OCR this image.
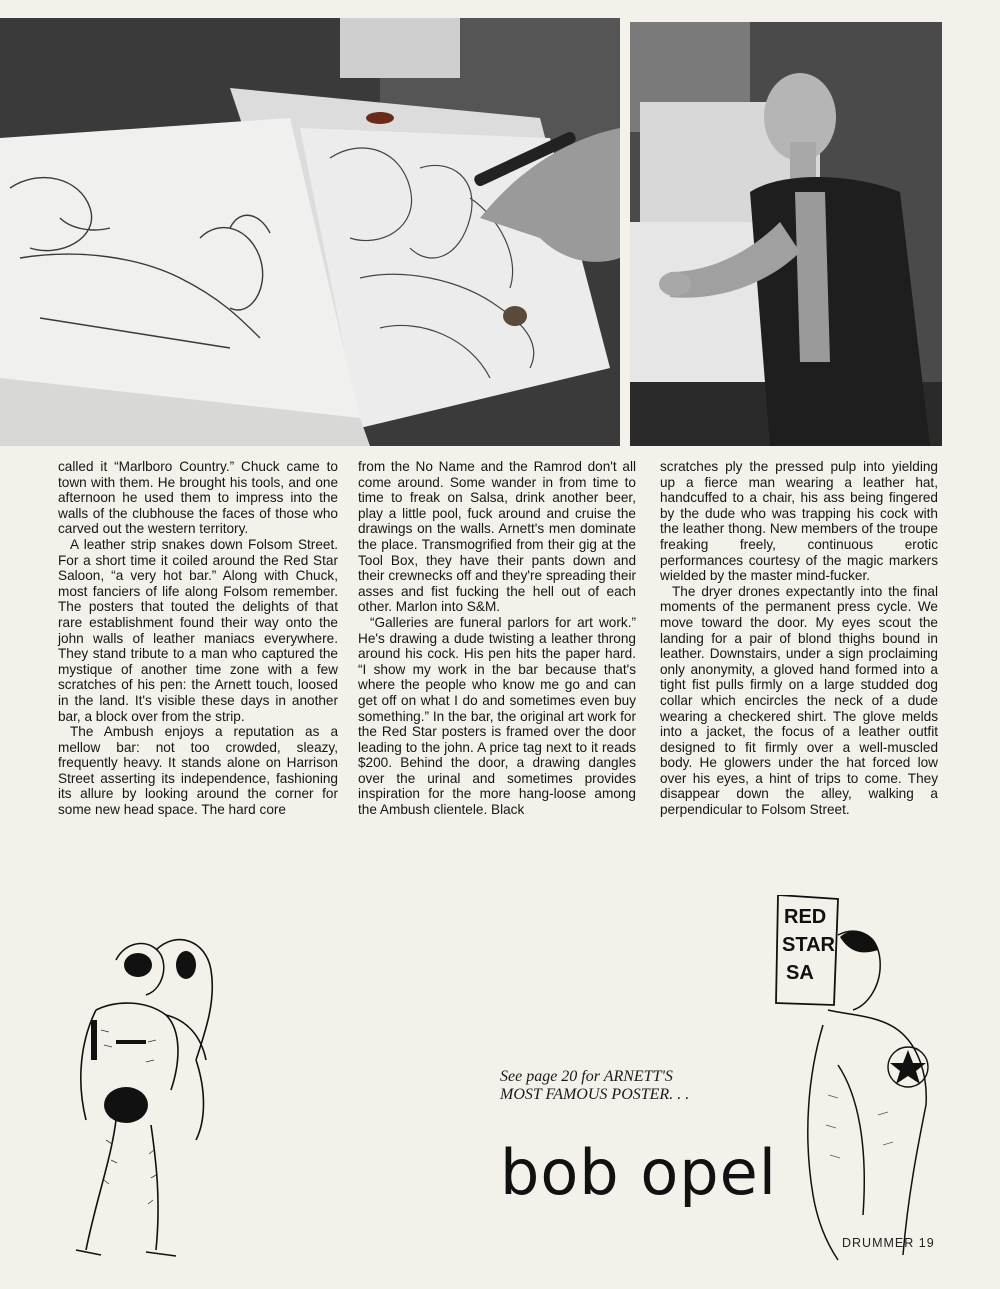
called it “Marlboro Country.” Chuck came to town with them. He brought his tools, and one afternoon he used them to impress into the walls of the clubhouse the faces of those who carved out the western territory.

A leather strip snakes down Folsom Street. For a short time it coiled around the Red Star Saloon, “a very hot bar.” Along with Chuck, most fanciers of life along Folsom remember. The posters that touted the delights of that rare establishment found their way onto the john walls of leather maniacs everywhere. They stand tribute to a man who captured the mystique of another time zone with a few scratches of his pen: the Arnett touch, loosed in the land. It's visible these days in another bar, a block over from the strip.

The Ambush enjoys a reputation as a mellow bar: not too crowded, sleazy, frequently heavy. It stands alone on Harrison Street asserting its independence, fashioning its allure by looking around the corner for some new head space. The hard core

from the No Name and the Ramrod don't all come around. Some wander in from time to time to freak on Salsa, drink another beer, play a little pool, fuck around and cruise the drawings on the walls. Arnett's men dominate the place. Transmogrified from their gig at the Tool Box, they have their pants down and their crewnecks off and they're spreading their asses and fist fucking the hell out of each other. Marlon into S&M.

“Galleries are funeral parlors for art work.” He's drawing a dude twisting a leather throng around his cock. His pen hits the paper hard. “I show my work in the bar because that's where the people who know me go and can get off on what I do and sometimes even buy something.” In the bar, the original art work for the Red Star posters is framed over the door leading to the john. A price tag next to it reads $200. Behind the door, a drawing dangles over the urinal and sometimes provides inspiration for the more hang-loose among the Ambush clientele. Black

scratches ply the pressed pulp into yielding up a fierce man wearing a leather hat, handcuffed to a chair, his ass being fingered by the dude who was trapping his cock with the leather thong. New members of the troupe freaking freely, continuous erotic performances courtesy of the magic markers wielded by the master mind-fucker.

The dryer drones expectantly into the final moments of the permanent press cycle. We move toward the door. My eyes scout the landing for a pair of blond thighs bound in leather. Downstairs, under a sign proclaiming only anonymity, a gloved hand formed into a tight fist pulls firmly on a large studded dog collar which encircles the neck of a dude wearing a checkered shirt. The glove melds into a jacket, the focus of a leather outfit designed to fit firmly over a well-muscled body. He glowers under the hat forced low over his eyes, a hint of trips to come. They disappear down the alley, walking a perpendicular to Folsom Street.

RED
STAR
SA
See page 20 for ARNETT'S
MOST FAMOUS POSTER. . .
bob opel
DRUMMER 19
